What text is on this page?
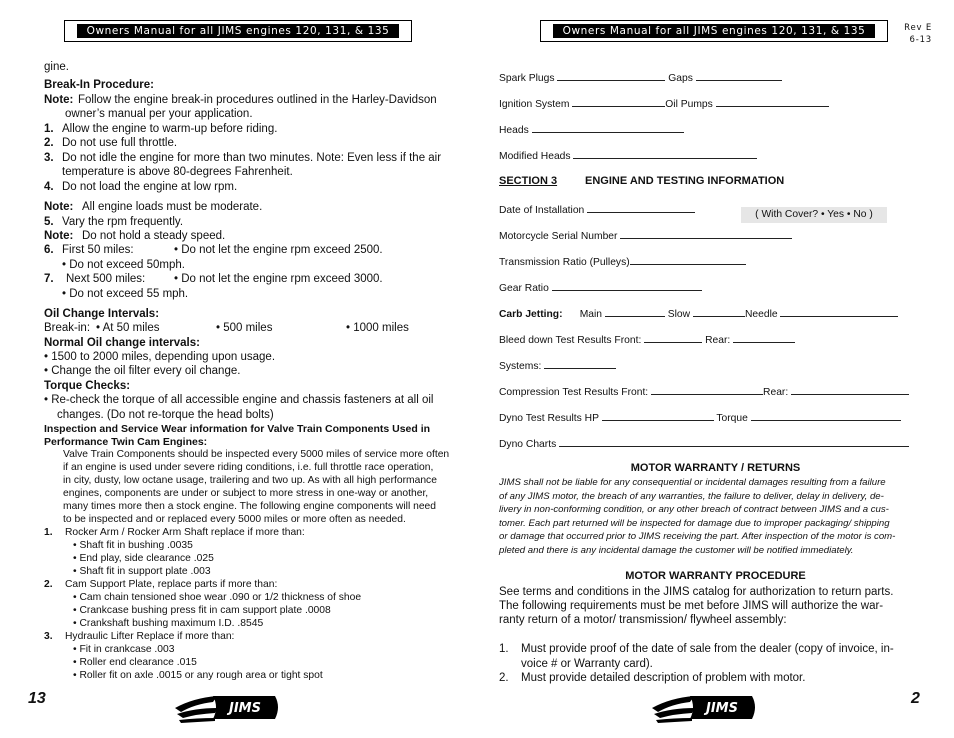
Owners Manual for all JIMS engines 120, 131, & 135
gine.
Break-In Procedure:
Note: Follow the engine break-in procedures outlined in the Harley-Davidson
owner’s manual per your application.
1. Allow the engine to warm-up before riding.
2. Do not use full throttle.
3. Do not idle the engine for more than two minutes. Note: Even less if the air
temperature is above 80-degrees Fahrenheit.
4. Do not load the engine at low rpm.
Note: All engine loads must be moderate.
5. Vary the rpm frequently.
Note: Do not hold a steady speed.
6. First 50 miles:	• Do not let the engine rpm exceed 2500.
• Do not exceed 50mph.
7. Next 500 miles: • Do not let the engine rpm exceed 3000.
• Do not exceed 55 mph.
Oil Change Intervals:
Break-in: • At 50 miles	• 500 miles	• 1000 miles
Normal Oil change intervals:
• 1500 to 2000 miles, depending upon usage.
• Change the oil filter every oil change.
Torque Checks:
• Re-check the torque of all accessible engine and chassis fasteners at all oil
changes. (Do not re-torque the head bolts)
Inspection and Service Wear information for Valve Train Components Used in
Performance Twin Cam Engines:
Valve Train Components should be inspected every 5000 miles of service more often
if an engine is used under severe riding conditions, i.e. full throttle race operation,
in city, dusty, low octane usage, trailering and two up. As with all high performance
engines, components are under or subject to more stress in one-way or another,
many times more then a stock engine. The following engine components will need
to be inspected and or replaced every 5000 miles or more often as needed.
1. Rocker Arm / Rocker Arm Shaft replace if more than:
• Shaft fit in bushing .0035
• End play, side clearance .025
• Shaft fit in support plate .003
2. Cam Support Plate, replace parts if more than:
• Cam chain tensioned shoe wear .090 or 1/2 thickness of shoe
• Crankcase bushing press fit in cam support plate .0008
• Crankshaft bushing maximum I.D. .8545
3. Hydraulic Lifter Replace if more than:
• Fit in crankcase .003
• Roller end clearance .015
• Roller fit on axle .0015 or any rough area or tight spot
13
JIMS
Owners Manual for all JIMS engines 120, 131, & 135	Rev E
6-13
Spark Plugs	Gaps
Ignition System	Oil Pumps
Heads
Modified Heads
SECTION 3	ENGINE AND TESTING INFORMATION
Date of Installation	( With Cover? • Yes • No )
Motorcycle Serial Number
Transmission Ratio (Pulleys)
Gear Ratio
Carb Jetting: Main	Slow	Needle
Bleed down Test Results Front:	Rear:
Systems:
Compression Test Results Front:	Rear:
Dyno Test Results HP	Torque
Dyno Charts
MOTOR WARRANTY / RETURNS
JIMS shall not be liable for any consequential or incidental damages resulting from a failure
of any JIMS motor, the breach of any warranties, the failure to deliver, delay in delivery, de-
livery in non-conforming condition, or any other breach of contract between JIMS and a cus-
tomer. Each part returned will be inspected for damage due to improper packaging/ shipping
or damage that occurred prior to JIMS receiving the part. After inspection of the motor is com-
pleted and there is any incidental damage the customer will be notified immediately.
MOTOR WARRANTY PROCEDURE
See terms and conditions in the JIMS catalog for authorization to return parts.
The following requirements must be met before JIMS will authorize the war-
ranty return of a motor/ transmission/ flywheel assembly:
1. Must provide proof of the date of sale from the dealer (copy of invoice, in-
voice # or Warranty card).
2. Must provide detailed description of problem with motor.
JIMS
2
